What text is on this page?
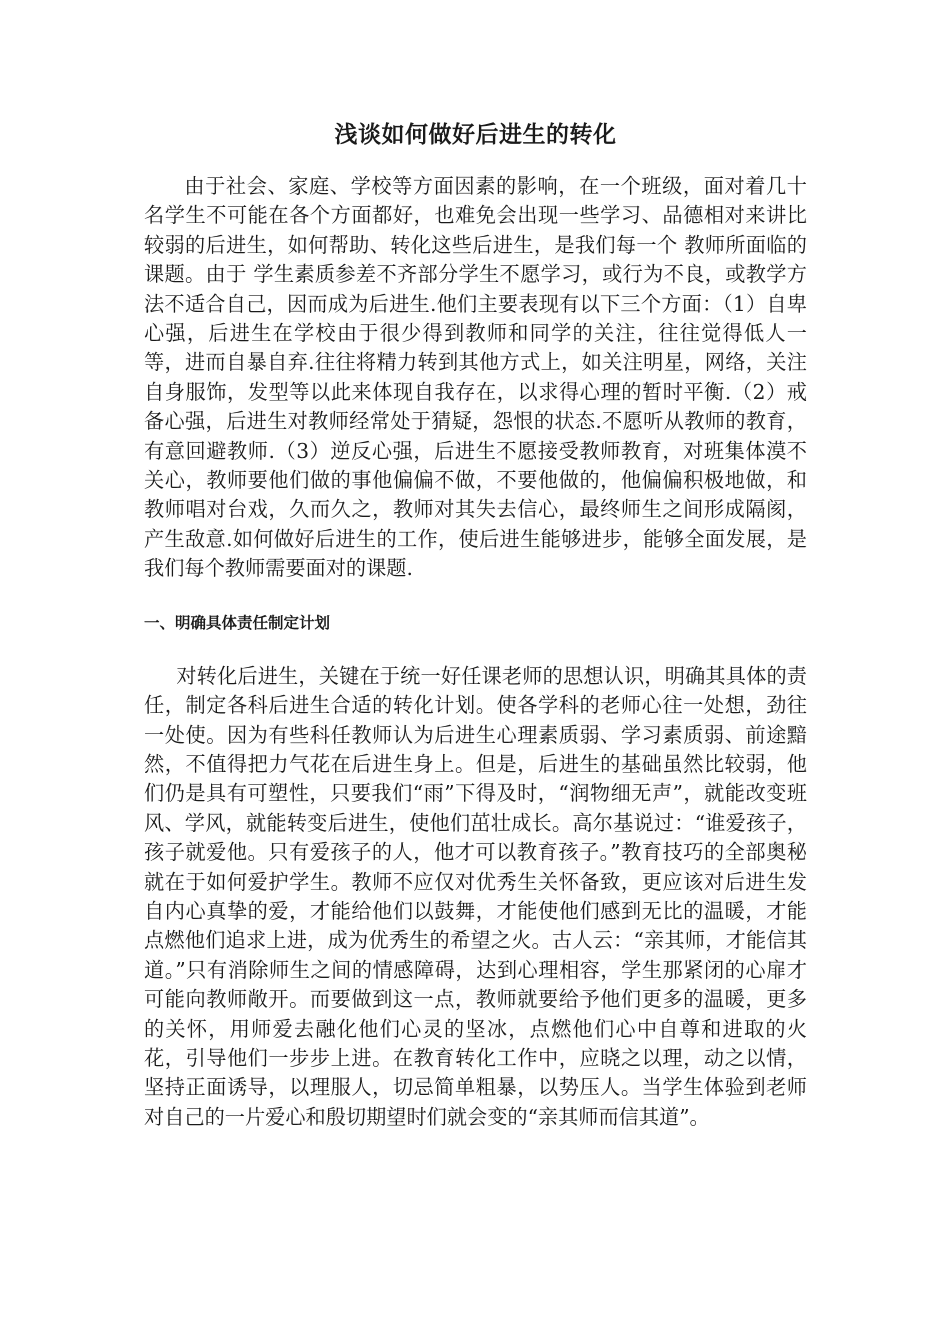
浅谈如何做好后进生的转化

由于社会、家庭、学校等方面因素的影响，在一个班级，面对着几十名学生不可能在各个方面都好，也难免会出现一些学习、品德相对来讲比较弱的后进生，如何帮助、转化这些后进生，是我们每一个 教师所面临的课题。由于 学生素质参差不齐部分学生不愿学习，或行为不良，或教学方法不适合自己，因而成为后进生.他们主要表现有以下三个方面：（1）自卑心强，后进生在学校由于很少得到教师和同学的关注，往往觉得低人一等，进而自暴自弃.往往将精力转到其他方式上，如关注明星，网络，关注自身服饰，发型等以此来体现自我存在，以求得心理的暂时平衡.（2）戒备心强，后进生对教师经常处于猜疑，怨恨的状态.不愿听从教师的教育，有意回避教师.（3）逆反心强，后进生不愿接受教师教育，对班集体漠不关心，教师要他们做的事他偏偏不做，不要他做的，他偏偏积极地做，和教师唱对台戏，久而久之，教师对其失去信心，最终师生之间形成隔阂，产生敌意.如何做好后进生的工作，使后进生能够进步，能够全面发展，是我们每个教师需要面对的课题.

一、明确具体责任制定计划

对转化后进生，关键在于统一好任课老师的思想认识，明确其具体的责任，制定各科后进生合适的转化计划。使各学科的老师心往一处想，劲往一处使。因为有些科任教师认为后进生心理素质弱、学习素质弱、前途黯然，不值得把力气花在后进生身上。但是，后进生的基础虽然比较弱，他们仍是具有可塑性，只要我们“雨”下得及时，“润物细无声”，就能改变班风、学风，就能转变后进生，使他们茁壮成长。高尔基说过：“谁爱孩子，孩子就爱他。只有爱孩子的人，他才可以教育孩子。”教育技巧的全部奥秘就在于如何爱护学生。教师不应仅对优秀生关怀备致，更应该对后进生发自内心真挚的爱，才能给他们以鼓舞，才能使他们感到无比的温暖，才能点燃他们追求上进，成为优秀生的希望之火。古人云：“亲其师，才能信其道。”只有消除师生之间的情感障碍，达到心理相容，学生那紧闭的心扉才可能向教师敞开。而要做到这一点，教师就要给予他们更多的温暖，更多的关怀，用师爱去融化他们心灵的坚冰，点燃他们心中自尊和进取的火花，引导他们一步步上进。在教育转化工作中，应晓之以理，动之以情，坚持正面诱导，以理服人，切忌简单粗暴，以势压人。当学生体验到老师对自己的一片爱心和殷切期望时们就会变的“亲其师而信其道”。
